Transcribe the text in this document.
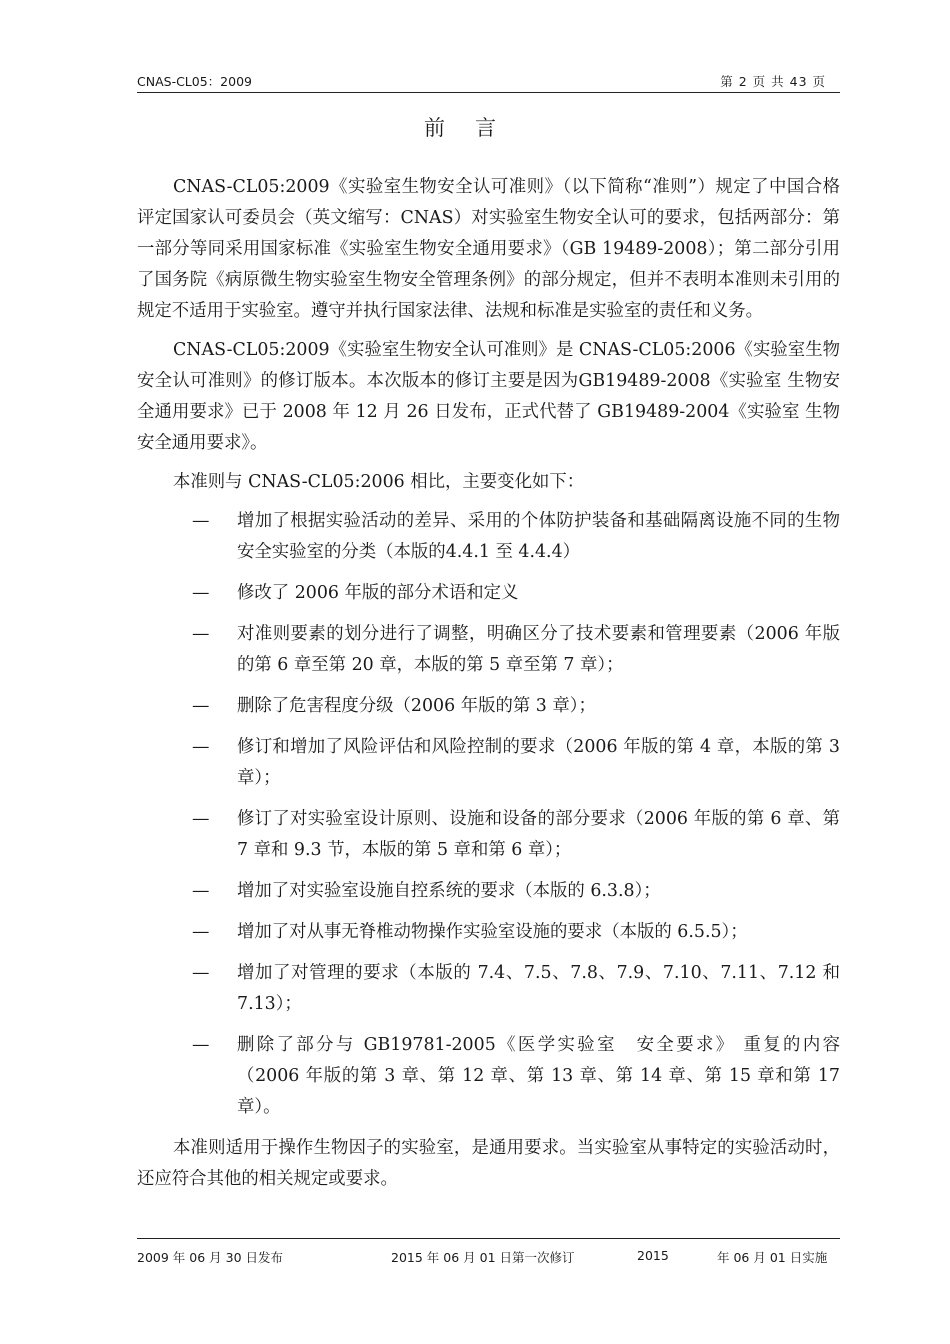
CNAS-CL05：2009	第 2 页 共 43 页
前言

CNAS-CL05:2009《实验室生物安全认可准则》（以下简称“准则”）规定了中国合格评定国家认可委员会（英文缩写：CNAS）对实验室生物安全认可的要求，包括两部分：第一部分等同采用国家标准《实验室生物安全通用要求》（GB 19489-2008）；第二部分引用了国务院《病原微生物实验室生物安全管理条例》的部分规定，但并不表明本准则未引用的规定不适用于实验室。遵守并执行国家法律、法规和标准是实验室的责任和义务。

CNAS-CL05:2009《实验室生物安全认可准则》是 CNAS-CL05:2006《实验室生物安全认可准则》的修订版本。本次版本的修订主要是因为GB19489-2008《实验室 生物安全通用要求》已于 2008 年 12 月 26 日发布，正式代替了 GB19489-2004《实验室 生物安全通用要求》。

本准则与 CNAS-CL05:2006 相比，主要变化如下：

— 增加了根据实验活动的差异、采用的个体防护装备和基础隔离设施不同的生物安全实验室的分类（本版的4.4.1 至 4.4.4）
— 修改了 2006 年版的部分术语和定义
— 对准则要素的划分进行了调整，明确区分了技术要素和管理要素（2006 年版的第 6 章至第 20 章，本版的第 5 章至第 7 章）；
— 删除了危害程度分级（2006 年版的第 3 章）；
— 修订和增加了风险评估和风险控制的要求（2006 年版的第 4 章，本版的第 3 章）；
— 修订了对实验室设计原则、设施和设备的部分要求（2006 年版的第 6 章、第 7 章和 9.3 节，本版的第 5 章和第 6 章）；
— 增加了对实验室设施自控系统的要求（本版的 6.3.8）；
— 增加了对从事无脊椎动物操作实验室设施的要求（本版的 6.5.5）；
— 增加了对管理的要求（本版的 7.4、7.5、7.8、7.9、7.10、7.11、7.12 和 7.13）；
— 删除了部分与 GB19781-2005《医学实验室　安全要求》 重复的内容（2006 年版的第 3 章、第 12 章、第 13 章、第 14 章、第 15 章和第 17 章）。

本准则适用于操作生物因子的实验室，是通用要求。当实验室从事特定的实验活动时，还应符合其他的相关规定或要求。

2009 年 06 月 30 日发布	2015 年 06 月 01 日第一次修订	2015	年 06 月 01 日实施
